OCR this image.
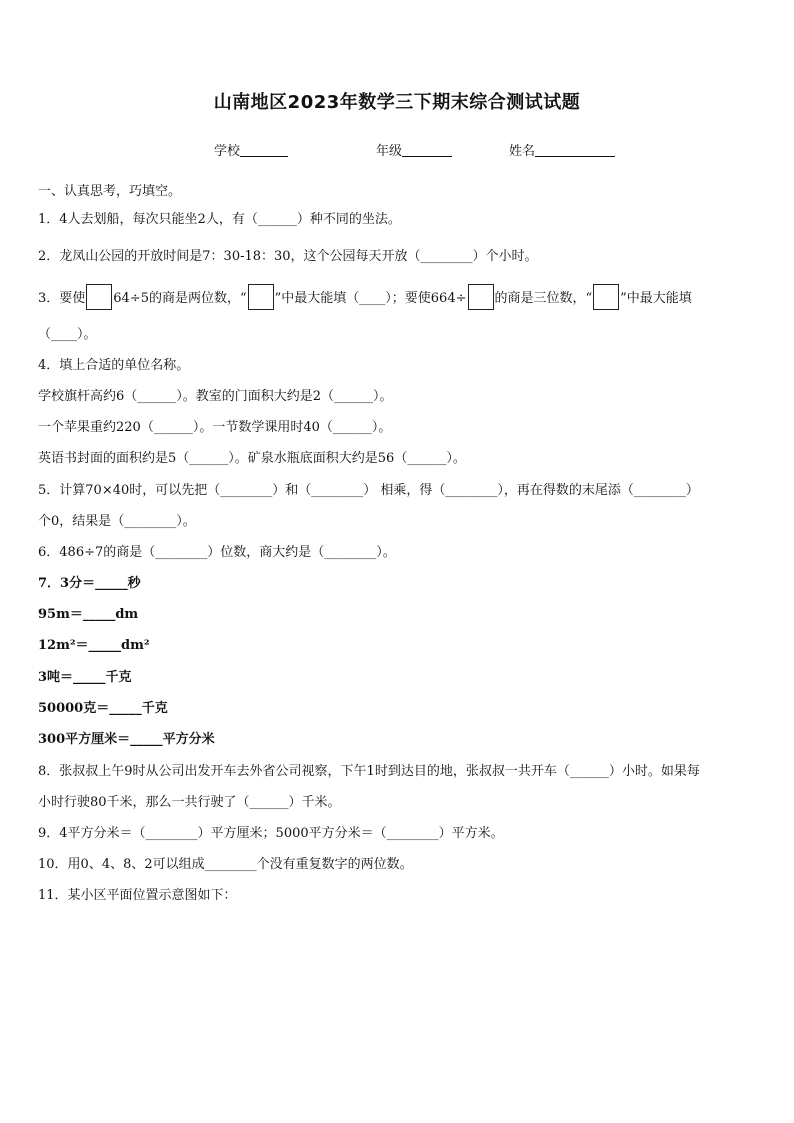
山南地区2023年数学三下期末综合测试试题
学校	年级	姓名
一、认真思考，巧填空。
1．4人去划船，每次只能坐2人，有（______）种不同的坐法。
2．龙凤山公园的开放时间是7：30-18：30，这个公园每天开放（________）个小时。
3．要使 64÷5的商是两位数，“ ”中最大能填（____）；要使664÷ 的商是三位数，“ ”中最大能填
（____）。
4．填上合适的单位名称。
学校旗杆高约6（______）。教室的门面积大约是2（______）。
一个苹果重约220（______）。一节数学课用时40（______）。
英语书封面的面积约是5（______）。矿泉水瓶底面积大约是56（______）。
5．计算70×40时，可以先把（________）和（________） 相乘，得（________），再在得数的末尾添（________）
个0，结果是（________）。
6．486÷7的商是（________）位数，商大约是（________）。
7．3分＝_____秒
95m＝_____dm
12m²＝_____dm²
3吨＝_____千克
50000克＝_____千克
300平方厘米＝_____平方分米
8．张叔叔上午9时从公司出发开车去外省公司视察，下午1时到达目的地，张叔叔一共开车（______）小时。如果每
小时行驶80千米，那么一共行驶了（______）千米。
9．4平方分米＝（________）平方厘米；5000平方分米＝（________）平方米。
10．用0、4、8、2可以组成________个没有重复数字的两位数。
11．某小区平面位置示意图如下：
